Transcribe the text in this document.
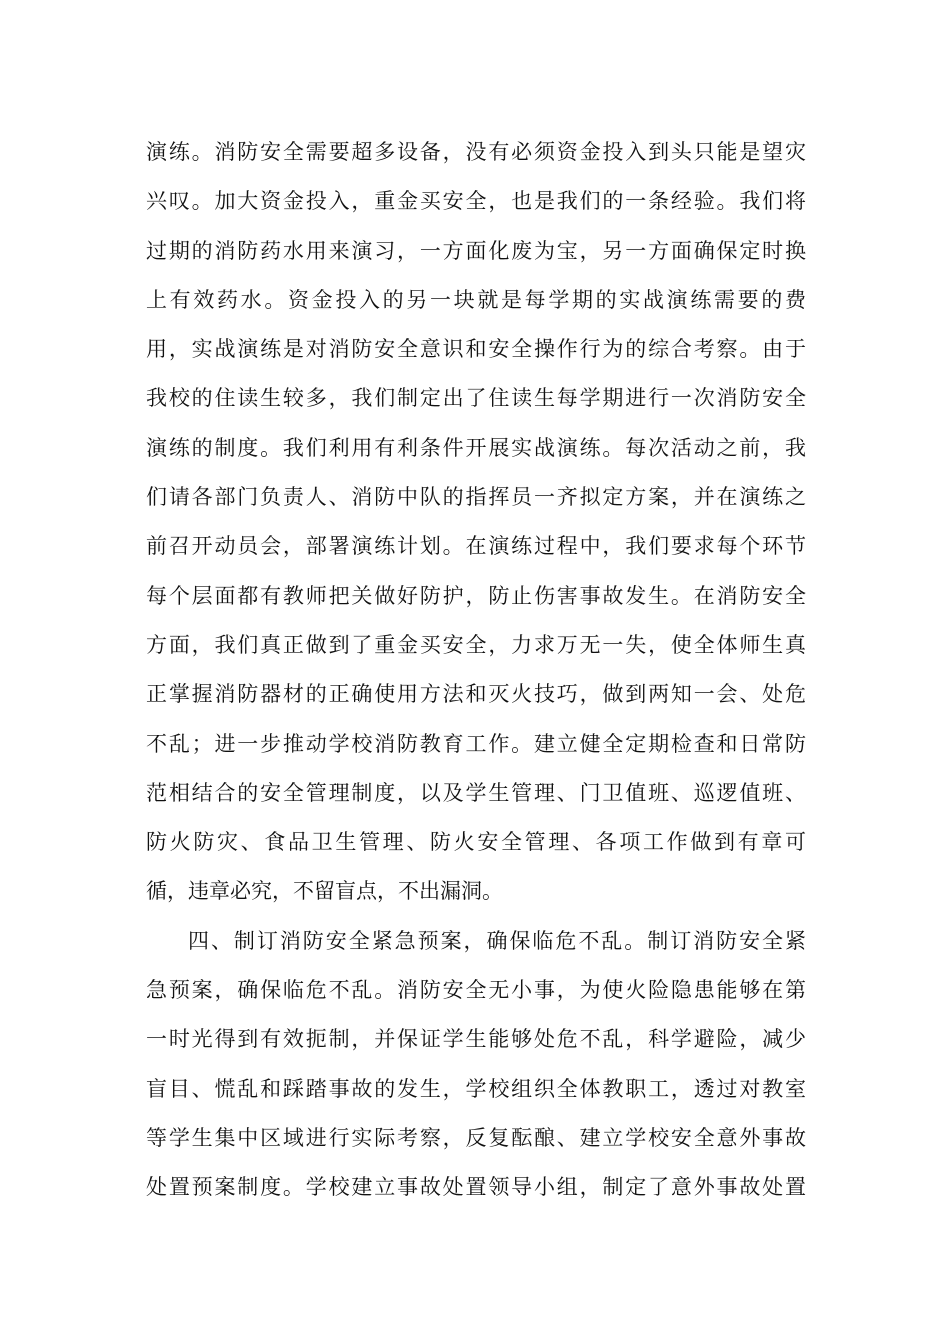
演练。消防安全需要超多设备，没有必须资金投入到头只能是望灾
兴叹。加大资金投入，重金买安全，也是我们的一条经验。我们将
过期的消防药水用来演习，一方面化废为宝，另一方面确保定时换
上有效药水。资金投入的另一块就是每学期的实战演练需要的费
用，实战演练是对消防安全意识和安全操作行为的综合考察。由于
我校的住读生较多，我们制定出了住读生每学期进行一次消防安全
演练的制度。我们利用有利条件开展实战演练。每次活动之前，我
们请各部门负责人、消防中队的指挥员一齐拟定方案，并在演练之
前召开动员会，部署演练计划。在演练过程中，我们要求每个环节
每个层面都有教师把关做好防护，防止伤害事故发生。在消防安全
方面，我们真正做到了重金买安全，力求万无一失，使全体师生真
正掌握消防器材的正确使用方法和灭火技巧，做到两知一会、处危
不乱；进一步推动学校消防教育工作。建立健全定期检查和日常防
范相结合的安全管理制度，以及学生管理、门卫值班、巡逻值班、
防火防灾、食品卫生管理、防火安全管理、各项工作做到有章可
循，违章必究，不留盲点，不出漏洞。
四、制订消防安全紧急预案，确保临危不乱。制订消防安全紧
急预案，确保临危不乱。消防安全无小事，为使火险隐患能够在第
一时光得到有效扼制，并保证学生能够处危不乱，科学避险，减少
盲目、慌乱和踩踏事故的发生，学校组织全体教职工，透过对教室
等学生集中区域进行实际考察，反复酝酿、建立学校安全意外事故
处置预案制度。学校建立事故处置领导小组，制定了意外事故处置
